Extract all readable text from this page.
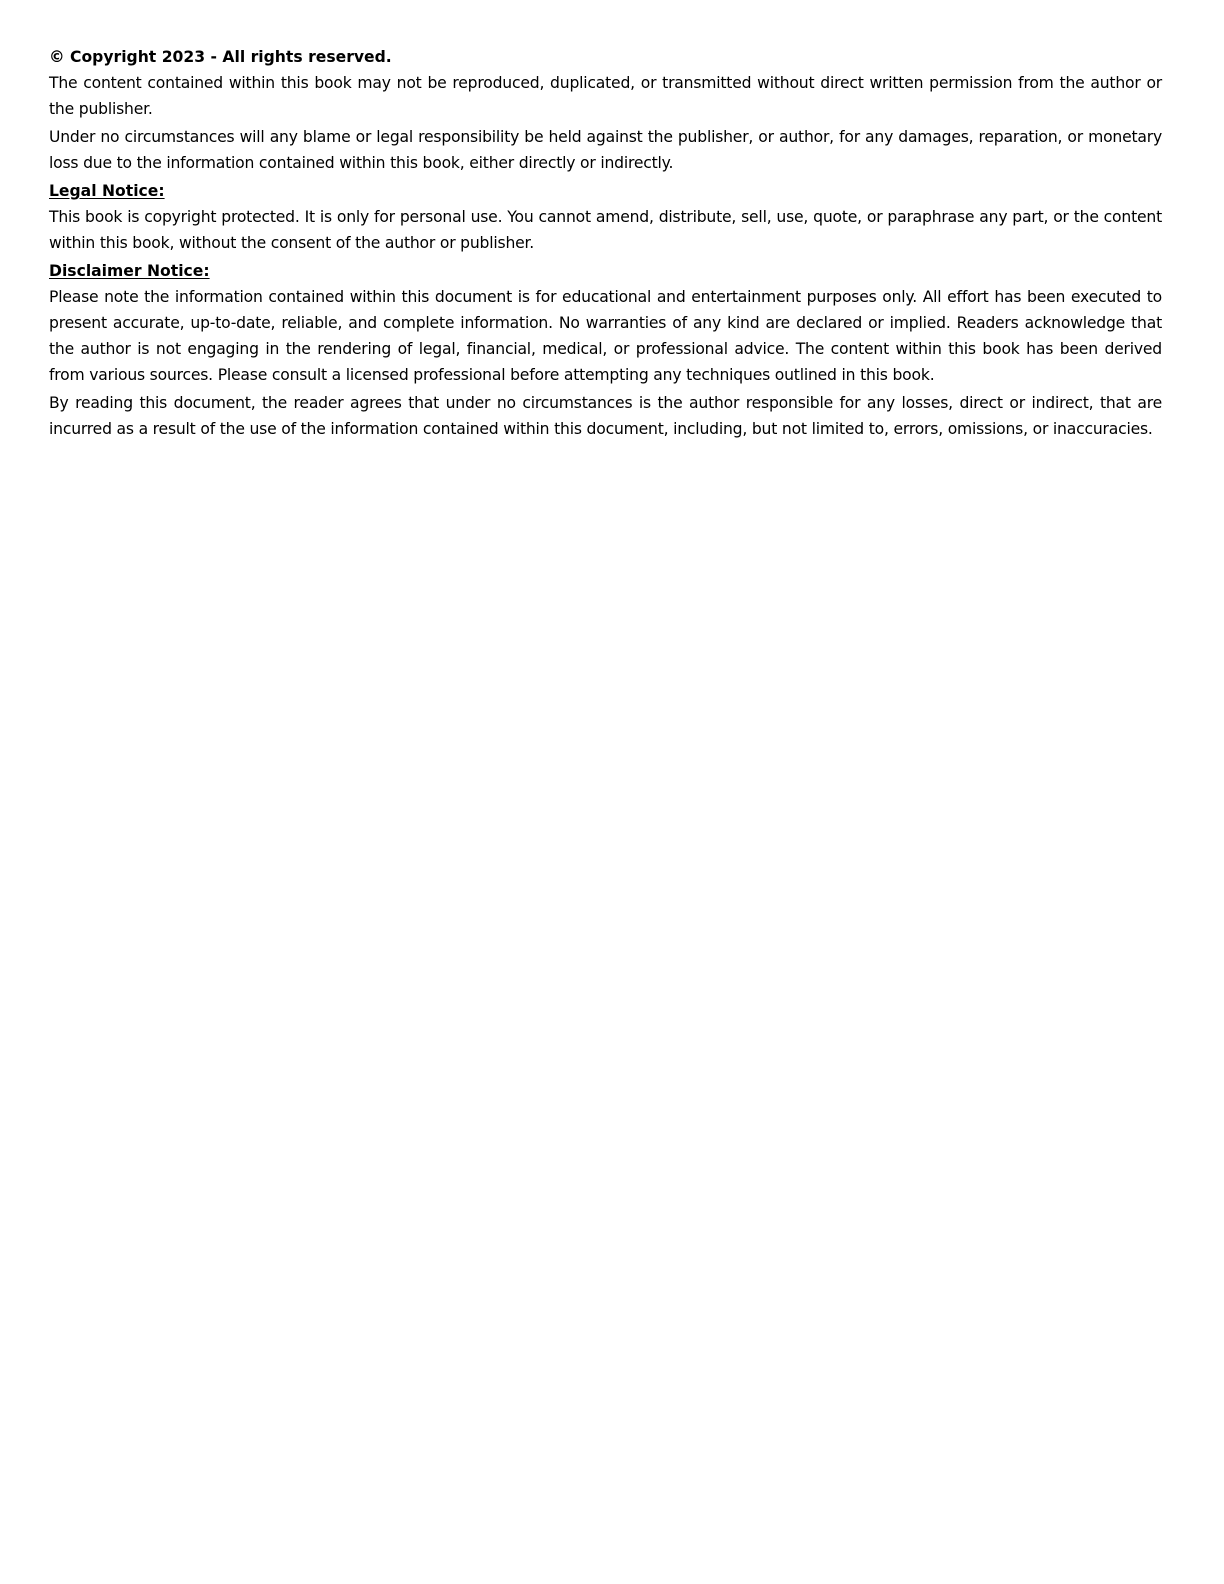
© Copyright 2023 - All rights reserved.

The content contained within this book may not be reproduced, duplicated, or transmitted without direct written permission from the author or the publisher.

Under no circumstances will any blame or legal responsibility be held against the publisher, or author, for any damages, reparation, or monetary loss due to the information contained within this book, either directly or indirectly.

Legal Notice:

This book is copyright protected. It is only for personal use. You cannot amend, distribute, sell, use, quote, or paraphrase any part, or the content within this book, without the consent of the author or publisher.

Disclaimer Notice:

Please note the information contained within this document is for educational and entertainment purposes only. All effort has been executed to present accurate, up-to-date, reliable, and complete information. No warranties of any kind are declared or implied. Readers acknowledge that the author is not engaging in the rendering of legal, financial, medical, or professional advice. The content within this book has been derived from various sources. Please consult a licensed professional before attempting any techniques outlined in this book.

By reading this document, the reader agrees that under no circumstances is the author responsible for any losses, direct or indirect, that are incurred as a result of the use of the information contained within this document, including, but not limited to, errors, omissions, or inaccuracies.
